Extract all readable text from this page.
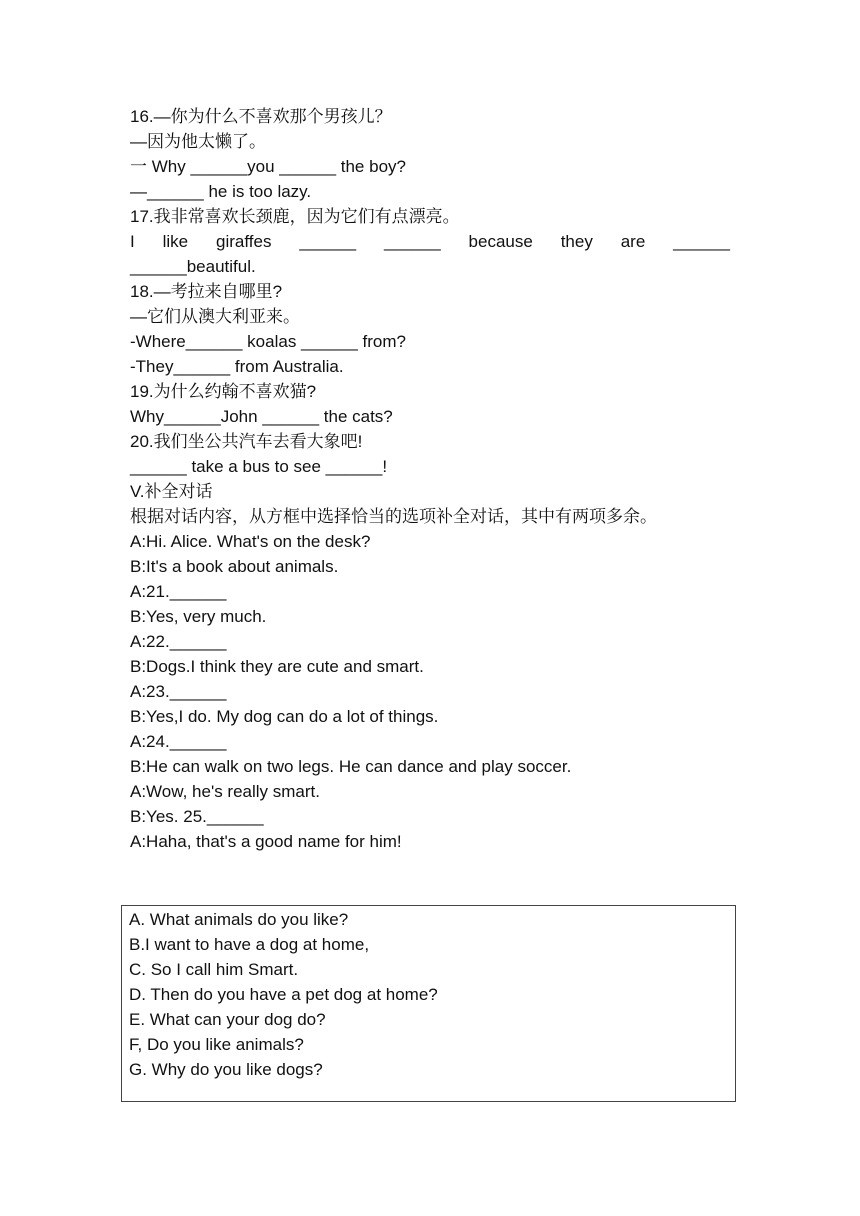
16.—你为什么不喜欢那个男孩儿？
—因为他太懒了。
一 Why ______you ______ the boy?
—______ he is too lazy.
17.我非常喜欢长颈鹿，因为它们有点漂亮。
I like giraffes ______ ______ because they are ______
______beautiful.
18.—考拉来自哪里?
—它们从澳大利亚来。
-Where______ koalas ______ from?
-They______ from Australia.
19.为什么约翰不喜欢猫?
Why______John ______ the cats?
20.我们坐公共汽车去看大象吧!
______ take a bus to see ______!
V.补全对话
根据对话内容，从方框中选择恰当的选项补全对话，其中有两项多余。
A:Hi. Alice. What's on the desk?
B:It's a book about animals.
A:21.______
B:Yes, very much.
A:22.______
B:Dogs.I think they are cute and smart.
A:23.______
B:Yes,I do. My dog can do a lot of things.
A:24.______
B:He can walk on two legs. He can dance and play soccer.
A:Wow, he's really smart.
B:Yes. 25.______
A:Haha, that's a good name for him!
A. What animals do you like?
B.I want to have a dog at home,
C. So I call him Smart.
D. Then do you have a pet dog at home?
E. What can your dog do?
F, Do you like animals?
G. Why do you like dogs?
